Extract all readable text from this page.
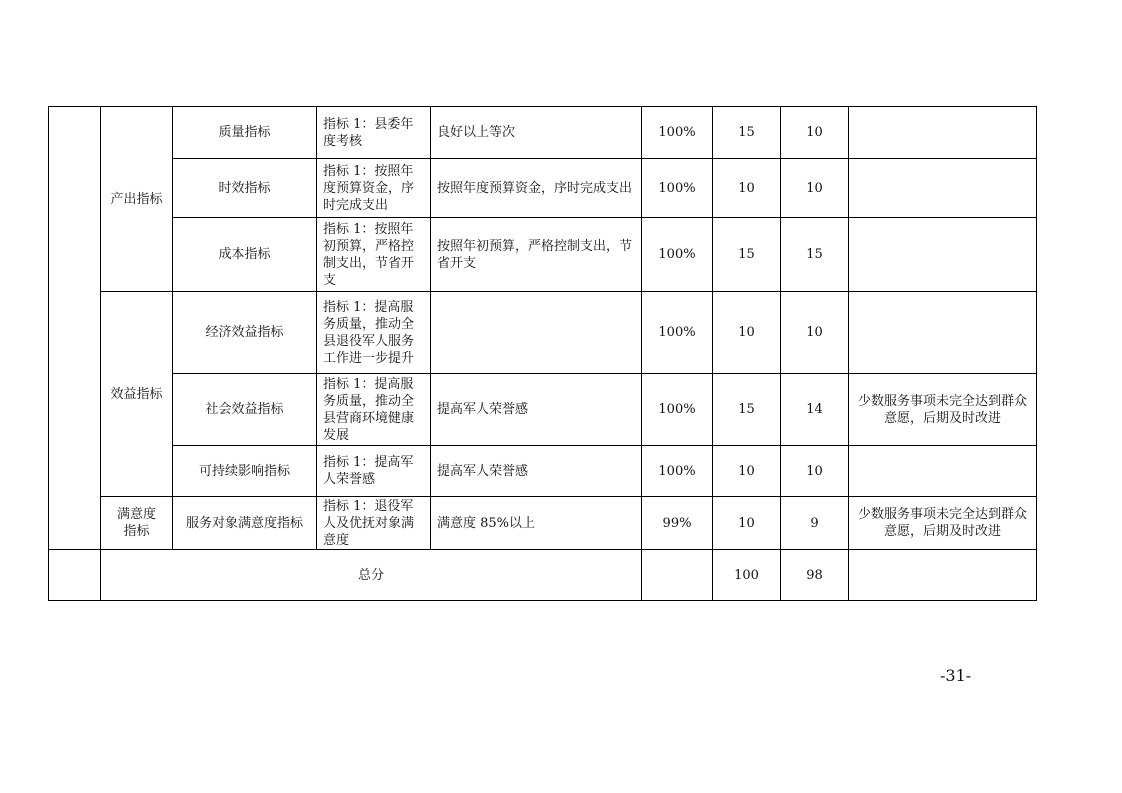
	产出指标	质量指标	指标 1：县委年度考核	良好以上等次	100%	15	10	
		时效指标	指标 1：按照年度预算资金，序时完成支出	按照年度预算资金，序时完成支出	100%	10	10	
		成本指标	指标 1：按照年初预算，严格控制支出，节省开支	按照年初预算，严格控制支出，节省开支	100%	15	15	
	效益指标	经济效益指标	指标 1：提高服务质量，推动全县退役军人服务工作进一步提升		100%	10	10	
		社会效益指标	指标 1：提高服务质量，推动全县营商环境健康发展	提高军人荣誉感	100%	15	14	少数服务事项未完全达到群众意愿，后期及时改进
		可持续影响指标	指标 1：提高军人荣誉感	提高军人荣誉感	100%	10	10	
	满意度指标	服务对象满意度指标	指标 1：退役军人及优抚对象满意度	满意度 85%以上	99%	10	9	少数服务事项未完全达到群众意愿，后期及时改进
	总分					100	98	
-31-
